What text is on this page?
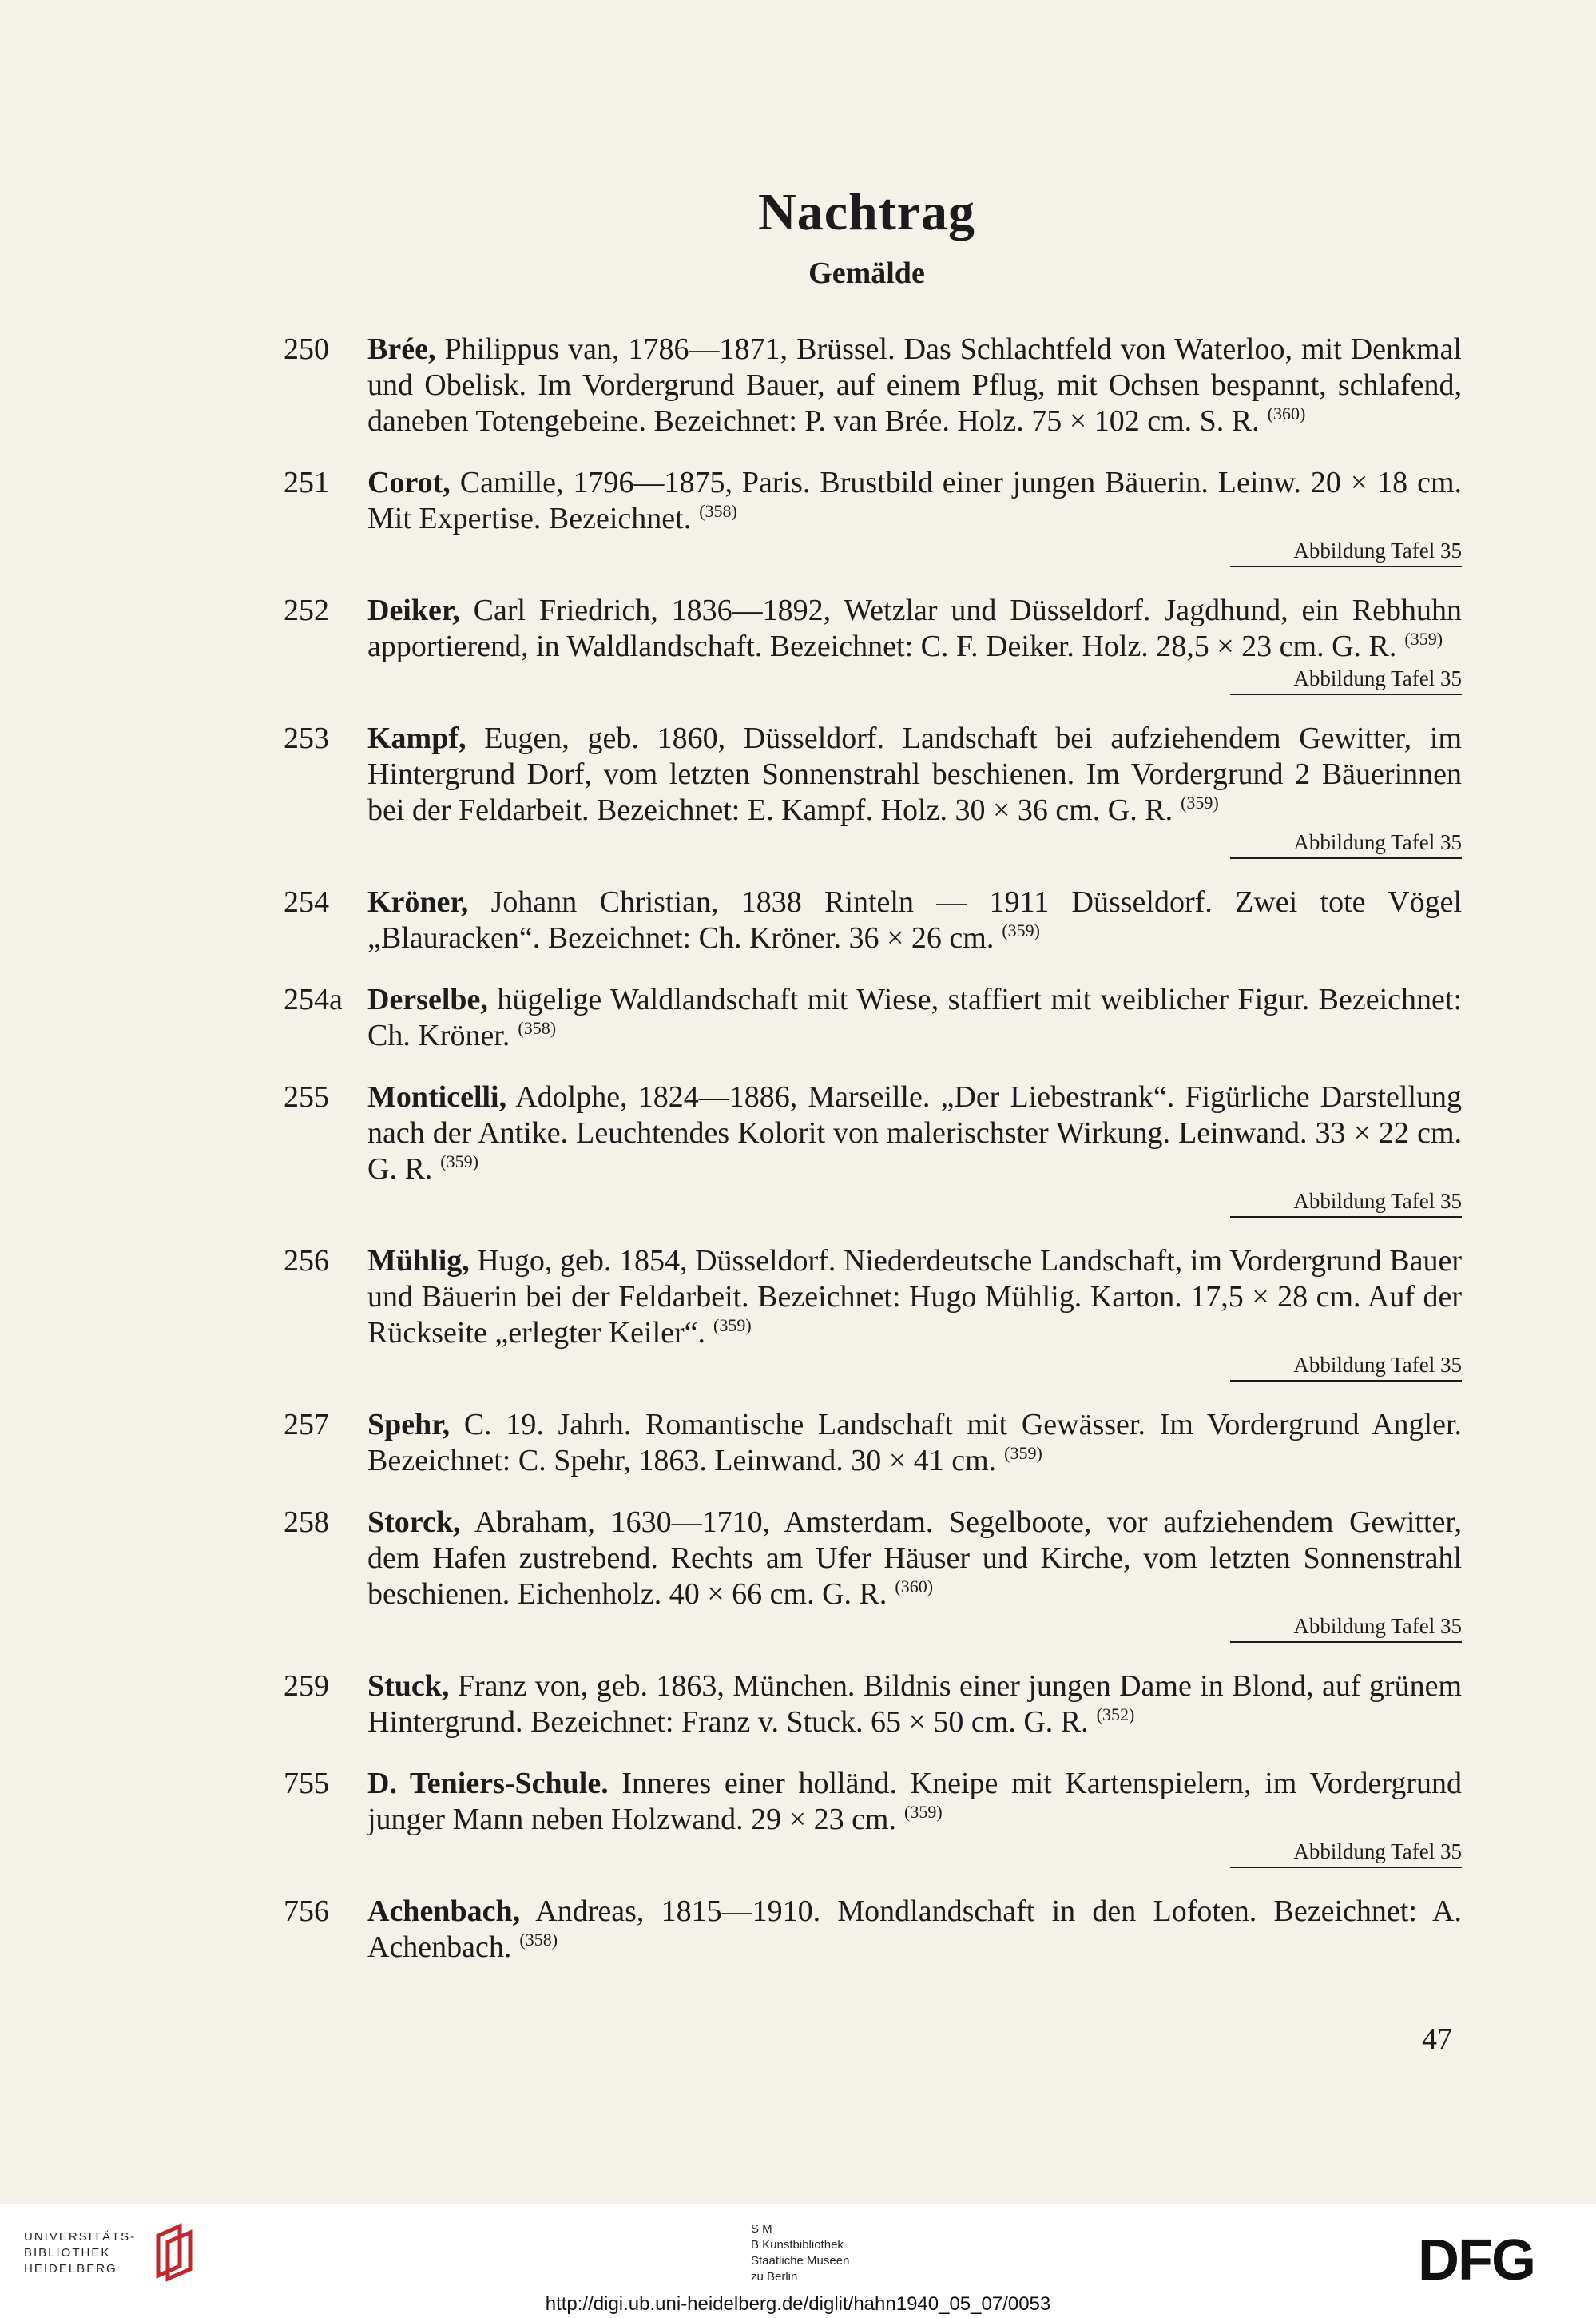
Nachtrag
Gemälde
250	Brée, Philippus van, 1786—1871, Brüssel. Das Schlachtfeld von Waterloo, mit Denkmal und Obelisk. Im Vordergrund Bauer, auf einem Pflug, mit Ochsen bespannt, schlafend, daneben Totengebeine. Bezeichnet: P. van Brée. Holz. 75 × 102 cm. S. R. $^{(360)}$
251	Corot, Camille, 1796—1875, Paris. Brustbild einer jungen Bäuerin. Leinw. 20 × 18 cm. Mit Expertise. Bezeichnet. $^{(358)}$
Abbildung Tafel 35
252	Deiker, Carl Friedrich, 1836—1892, Wetzlar und Düsseldorf. Jagdhund, ein Rebhuhn apportierend, in Waldlandschaft. Bezeichnet: C. F. Deiker. Holz. 28,5 × 23 cm. G. R. $^{(359)}$
Abbildung Tafel 35
253	Kampf, Eugen, geb. 1860, Düsseldorf. Landschaft bei aufziehendem Gewitter, im Hintergrund Dorf, vom letzten Sonnenstrahl beschienen. Im Vordergrund 2 Bäuerinnen bei der Feldarbeit. Bezeichnet: E. Kampf. Holz. 30 × 36 cm. G. R. $^{(359)}$
Abbildung Tafel 35
254	Kröner, Johann Christian, 1838 Rinteln — 1911 Düsseldorf. Zwei tote Vögel „Blauracken“. Bezeichnet: Ch. Kröner. 36 × 26 cm. $^{(359)}$
254a Derselbe, hügelige Waldlandschaft mit Wiese, staffiert mit weiblicher Figur. Bezeichnet: Ch. Kröner. $^{(358)}$
255	Monticelli, Adolphe, 1824—1886, Marseille. „Der Liebestrank“. Figürliche Darstellung nach der Antike. Leuchtendes Kolorit von malerischster Wirkung. Leinwand. 33 × 22 cm. G. R. $^{(359)}$
Abbildung Tafel 35
256	Mühlig, Hugo, geb. 1854, Düsseldorf. Niederdeutsche Landschaft, im Vordergrund Bauer und Bäuerin bei der Feldarbeit. Bezeichnet: Hugo Mühlig. Karton. 17,5 × 28 cm. Auf der Rückseite „erlegter Keiler“. $^{(359)}$
Abbildung Tafel 35
257	Spehr, C. 19. Jahrh. Romantische Landschaft mit Gewässer. Im Vordergrund Angler. Bezeichnet: C. Spehr, 1863. Leinwand. 30 × 41 cm. $^{(359)}$
258	Storck, Abraham, 1630—1710, Amsterdam. Segelboote, vor aufziehendem Gewitter, dem Hafen zustrebend. Rechts am Ufer Häuser und Kirche, vom letzten Sonnenstrahl beschienen. Eichenholz. 40 × 66 cm. G. R. $^{(360)}$
Abbildung Tafel 35
259	Stuck, Franz von, geb. 1863, München. Bildnis einer jungen Dame in Blond, auf grünem Hintergrund. Bezeichnet: Franz v. Stuck. 65 × 50 cm. G. R. $^{(352)}$
755	D. Teniers-Schule. Inneres einer holländ. Kneipe mit Kartenspielern, im Vordergrund junger Mann neben Holzwand. 29 × 23 cm. $^{(359)}$
Abbildung Tafel 35
756	Achenbach, Andreas, 1815—1910. Mondlandschaft in den Lofoten. Bezeichnet: A. Achenbach. $^{(358)}$
47
UNIVERSITÄTS-
BIBLIOTHEK
HEIDELBERG
S M
B Kunstbibliothek
Staatliche Museen
zu Berlin	DFG
http://digi.ub.uni-heidelberg.de/diglit/hahn1940_05_07/0053
